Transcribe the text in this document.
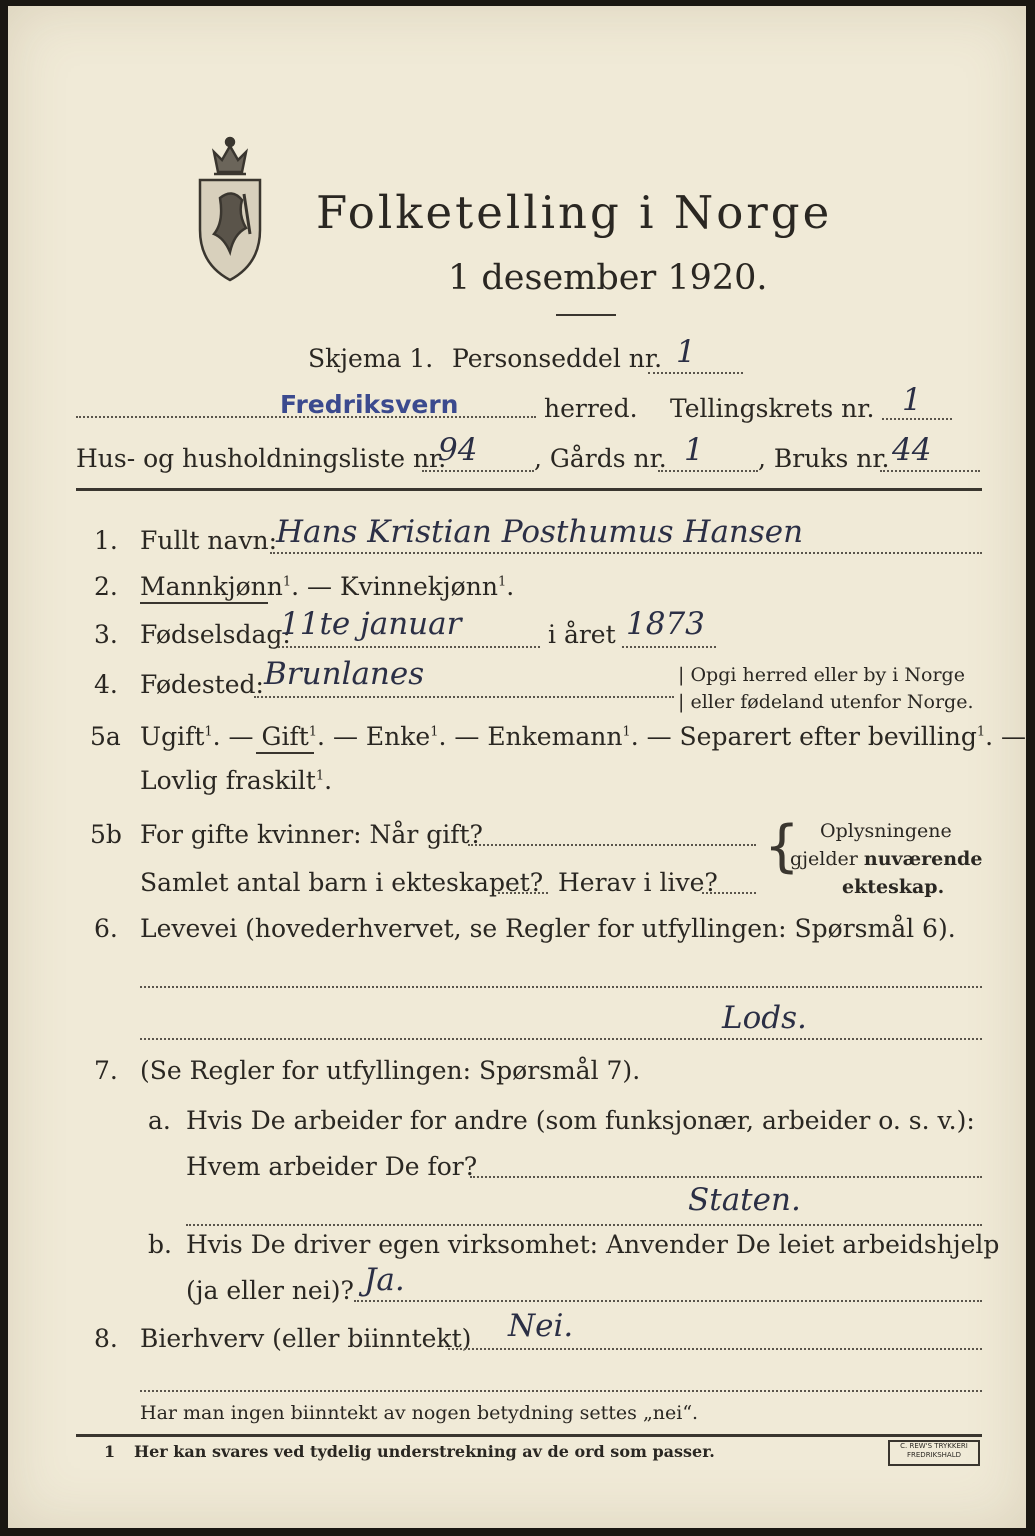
Folketelling i Norge
1 desember 1920.
Skjema 1. Personseddel nr. 1
Fredriksvern	herred. Tellingskrets nr. 1
Hus- og husholdningsliste nr.
94 , Gårds nr. 1 , Bruks nr. 44
1. Fullt navn:
Hans Kristian Posthumus Hansen
2. Mannkjønn$^1$. — Kvinnekjønn$^1$.
3. Fødselsdag:
11te januar	i året 1873
4. Fødested: Brunlanes	| Opgi herred eller by i Norge
| eller fødeland utenfor Norge.
5a Ugift$^1$. — Gift$^1$. — Enke$^1$. — Enkemann$^1$. — Separert efter bevilling$^1$. —
Lovlig fraskilt$^1$.
5b For gifte kvinner: Når gift?
Samlet antal barn i ekteskapet? Herav i live?
{ Oplysningene
gjelder nuværende
ekteskap.
6. Levevei (hovederhvervet, se Regler for utfyllingen: Spørsmål 6).
Lods.
7. (Se Regler for utfyllingen: Spørsmål 7).
a. Hvis De arbeider for andre (som funksjonær, arbeider o. s. v.):
Hvem arbeider De for?
Staten.
b. Hvis De driver egen virksomhet: Anvender De leiet arbeidshjelp
(ja eller nei)? Ja.
8. Bierhverv (eller biinntekt) Nei.
Har man ingen biinntekt av nogen betydning settes „nei“.
1 Her kan svares ved tydelig understrekning av de ord som passer.	C. REW'S TRYKKERI
FREDRIKSHALD
